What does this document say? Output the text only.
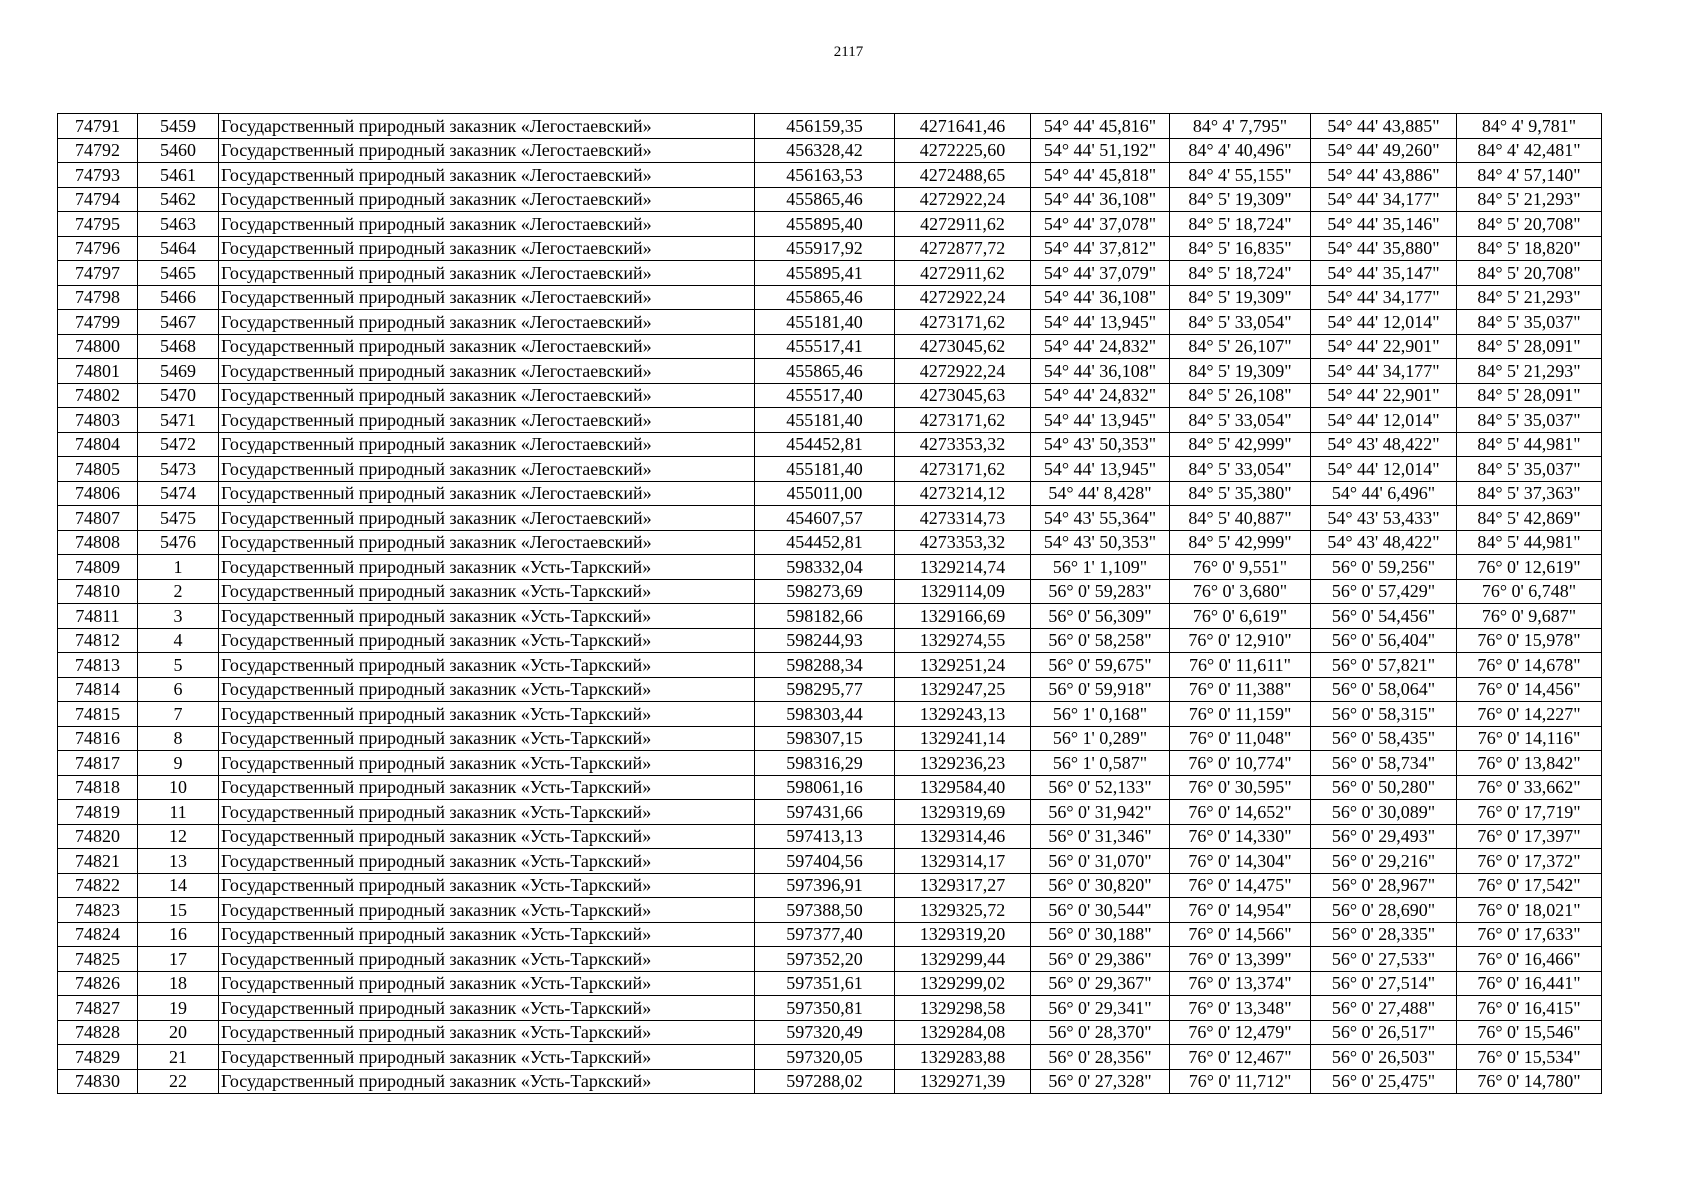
2117
74791	5459	Государственный природный заказник «Легостаевский»	456159,35	4271641,46	54° 44' 45,816"	84° 4' 7,795"	54° 44' 43,885"	84° 4' 9,781"
74792	5460	Государственный природный заказник «Легостаевский»	456328,42	4272225,60	54° 44' 51,192"	84° 4' 40,496"	54° 44' 49,260"	84° 4' 42,481"
74793	5461	Государственный природный заказник «Легостаевский»	456163,53	4272488,65	54° 44' 45,818"	84° 4' 55,155"	54° 44' 43,886"	84° 4' 57,140"
74794	5462	Государственный природный заказник «Легостаевский»	455865,46	4272922,24	54° 44' 36,108"	84° 5' 19,309"	54° 44' 34,177"	84° 5' 21,293"
74795	5463	Государственный природный заказник «Легостаевский»	455895,40	4272911,62	54° 44' 37,078"	84° 5' 18,724"	54° 44' 35,146"	84° 5' 20,708"
74796	5464	Государственный природный заказник «Легостаевский»	455917,92	4272877,72	54° 44' 37,812"	84° 5' 16,835"	54° 44' 35,880"	84° 5' 18,820"
74797	5465	Государственный природный заказник «Легостаевский»	455895,41	4272911,62	54° 44' 37,079"	84° 5' 18,724"	54° 44' 35,147"	84° 5' 20,708"
74798	5466	Государственный природный заказник «Легостаевский»	455865,46	4272922,24	54° 44' 36,108"	84° 5' 19,309"	54° 44' 34,177"	84° 5' 21,293"
74799	5467	Государственный природный заказник «Легостаевский»	455181,40	4273171,62	54° 44' 13,945"	84° 5' 33,054"	54° 44' 12,014"	84° 5' 35,037"
74800	5468	Государственный природный заказник «Легостаевский»	455517,41	4273045,62	54° 44' 24,832"	84° 5' 26,107"	54° 44' 22,901"	84° 5' 28,091"
74801	5469	Государственный природный заказник «Легостаевский»	455865,46	4272922,24	54° 44' 36,108"	84° 5' 19,309"	54° 44' 34,177"	84° 5' 21,293"
74802	5470	Государственный природный заказник «Легостаевский»	455517,40	4273045,63	54° 44' 24,832"	84° 5' 26,108"	54° 44' 22,901"	84° 5' 28,091"
74803	5471	Государственный природный заказник «Легостаевский»	455181,40	4273171,62	54° 44' 13,945"	84° 5' 33,054"	54° 44' 12,014"	84° 5' 35,037"
74804	5472	Государственный природный заказник «Легостаевский»	454452,81	4273353,32	54° 43' 50,353"	84° 5' 42,999"	54° 43' 48,422"	84° 5' 44,981"
74805	5473	Государственный природный заказник «Легостаевский»	455181,40	4273171,62	54° 44' 13,945"	84° 5' 33,054"	54° 44' 12,014"	84° 5' 35,037"
74806	5474	Государственный природный заказник «Легостаевский»	455011,00	4273214,12	54° 44' 8,428"	84° 5' 35,380"	54° 44' 6,496"	84° 5' 37,363"
74807	5475	Государственный природный заказник «Легостаевский»	454607,57	4273314,73	54° 43' 55,364"	84° 5' 40,887"	54° 43' 53,433"	84° 5' 42,869"
74808	5476	Государственный природный заказник «Легостаевский»	454452,81	4273353,32	54° 43' 50,353"	84° 5' 42,999"	54° 43' 48,422"	84° 5' 44,981"
74809	1	Государственный природный заказник «Усть-Таркский»	598332,04	1329214,74	56° 1' 1,109"	76° 0' 9,551"	56° 0' 59,256"	76° 0' 12,619"
74810	2	Государственный природный заказник «Усть-Таркский»	598273,69	1329114,09	56° 0' 59,283"	76° 0' 3,680"	56° 0' 57,429"	76° 0' 6,748"
74811	3	Государственный природный заказник «Усть-Таркский»	598182,66	1329166,69	56° 0' 56,309"	76° 0' 6,619"	56° 0' 54,456"	76° 0' 9,687"
74812	4	Государственный природный заказник «Усть-Таркский»	598244,93	1329274,55	56° 0' 58,258"	76° 0' 12,910"	56° 0' 56,404"	76° 0' 15,978"
74813	5	Государственный природный заказник «Усть-Таркский»	598288,34	1329251,24	56° 0' 59,675"	76° 0' 11,611"	56° 0' 57,821"	76° 0' 14,678"
74814	6	Государственный природный заказник «Усть-Таркский»	598295,77	1329247,25	56° 0' 59,918"	76° 0' 11,388"	56° 0' 58,064"	76° 0' 14,456"
74815	7	Государственный природный заказник «Усть-Таркский»	598303,44	1329243,13	56° 1' 0,168"	76° 0' 11,159"	56° 0' 58,315"	76° 0' 14,227"
74816	8	Государственный природный заказник «Усть-Таркский»	598307,15	1329241,14	56° 1' 0,289"	76° 0' 11,048"	56° 0' 58,435"	76° 0' 14,116"
74817	9	Государственный природный заказник «Усть-Таркский»	598316,29	1329236,23	56° 1' 0,587"	76° 0' 10,774"	56° 0' 58,734"	76° 0' 13,842"
74818	10	Государственный природный заказник «Усть-Таркский»	598061,16	1329584,40	56° 0' 52,133"	76° 0' 30,595"	56° 0' 50,280"	76° 0' 33,662"
74819	11	Государственный природный заказник «Усть-Таркский»	597431,66	1329319,69	56° 0' 31,942"	76° 0' 14,652"	56° 0' 30,089"	76° 0' 17,719"
74820	12	Государственный природный заказник «Усть-Таркский»	597413,13	1329314,46	56° 0' 31,346"	76° 0' 14,330"	56° 0' 29,493"	76° 0' 17,397"
74821	13	Государственный природный заказник «Усть-Таркский»	597404,56	1329314,17	56° 0' 31,070"	76° 0' 14,304"	56° 0' 29,216"	76° 0' 17,372"
74822	14	Государственный природный заказник «Усть-Таркский»	597396,91	1329317,27	56° 0' 30,820"	76° 0' 14,475"	56° 0' 28,967"	76° 0' 17,542"
74823	15	Государственный природный заказник «Усть-Таркский»	597388,50	1329325,72	56° 0' 30,544"	76° 0' 14,954"	56° 0' 28,690"	76° 0' 18,021"
74824	16	Государственный природный заказник «Усть-Таркский»	597377,40	1329319,20	56° 0' 30,188"	76° 0' 14,566"	56° 0' 28,335"	76° 0' 17,633"
74825	17	Государственный природный заказник «Усть-Таркский»	597352,20	1329299,44	56° 0' 29,386"	76° 0' 13,399"	56° 0' 27,533"	76° 0' 16,466"
74826	18	Государственный природный заказник «Усть-Таркский»	597351,61	1329299,02	56° 0' 29,367"	76° 0' 13,374"	56° 0' 27,514"	76° 0' 16,441"
74827	19	Государственный природный заказник «Усть-Таркский»	597350,81	1329298,58	56° 0' 29,341"	76° 0' 13,348"	56° 0' 27,488"	76° 0' 16,415"
74828	20	Государственный природный заказник «Усть-Таркский»	597320,49	1329284,08	56° 0' 28,370"	76° 0' 12,479"	56° 0' 26,517"	76° 0' 15,546"
74829	21	Государственный природный заказник «Усть-Таркский»	597320,05	1329283,88	56° 0' 28,356"	76° 0' 12,467"	56° 0' 26,503"	76° 0' 15,534"
74830	22	Государственный природный заказник «Усть-Таркский»	597288,02	1329271,39	56° 0' 27,328"	76° 0' 11,712"	56° 0' 25,475"	76° 0' 14,780"
